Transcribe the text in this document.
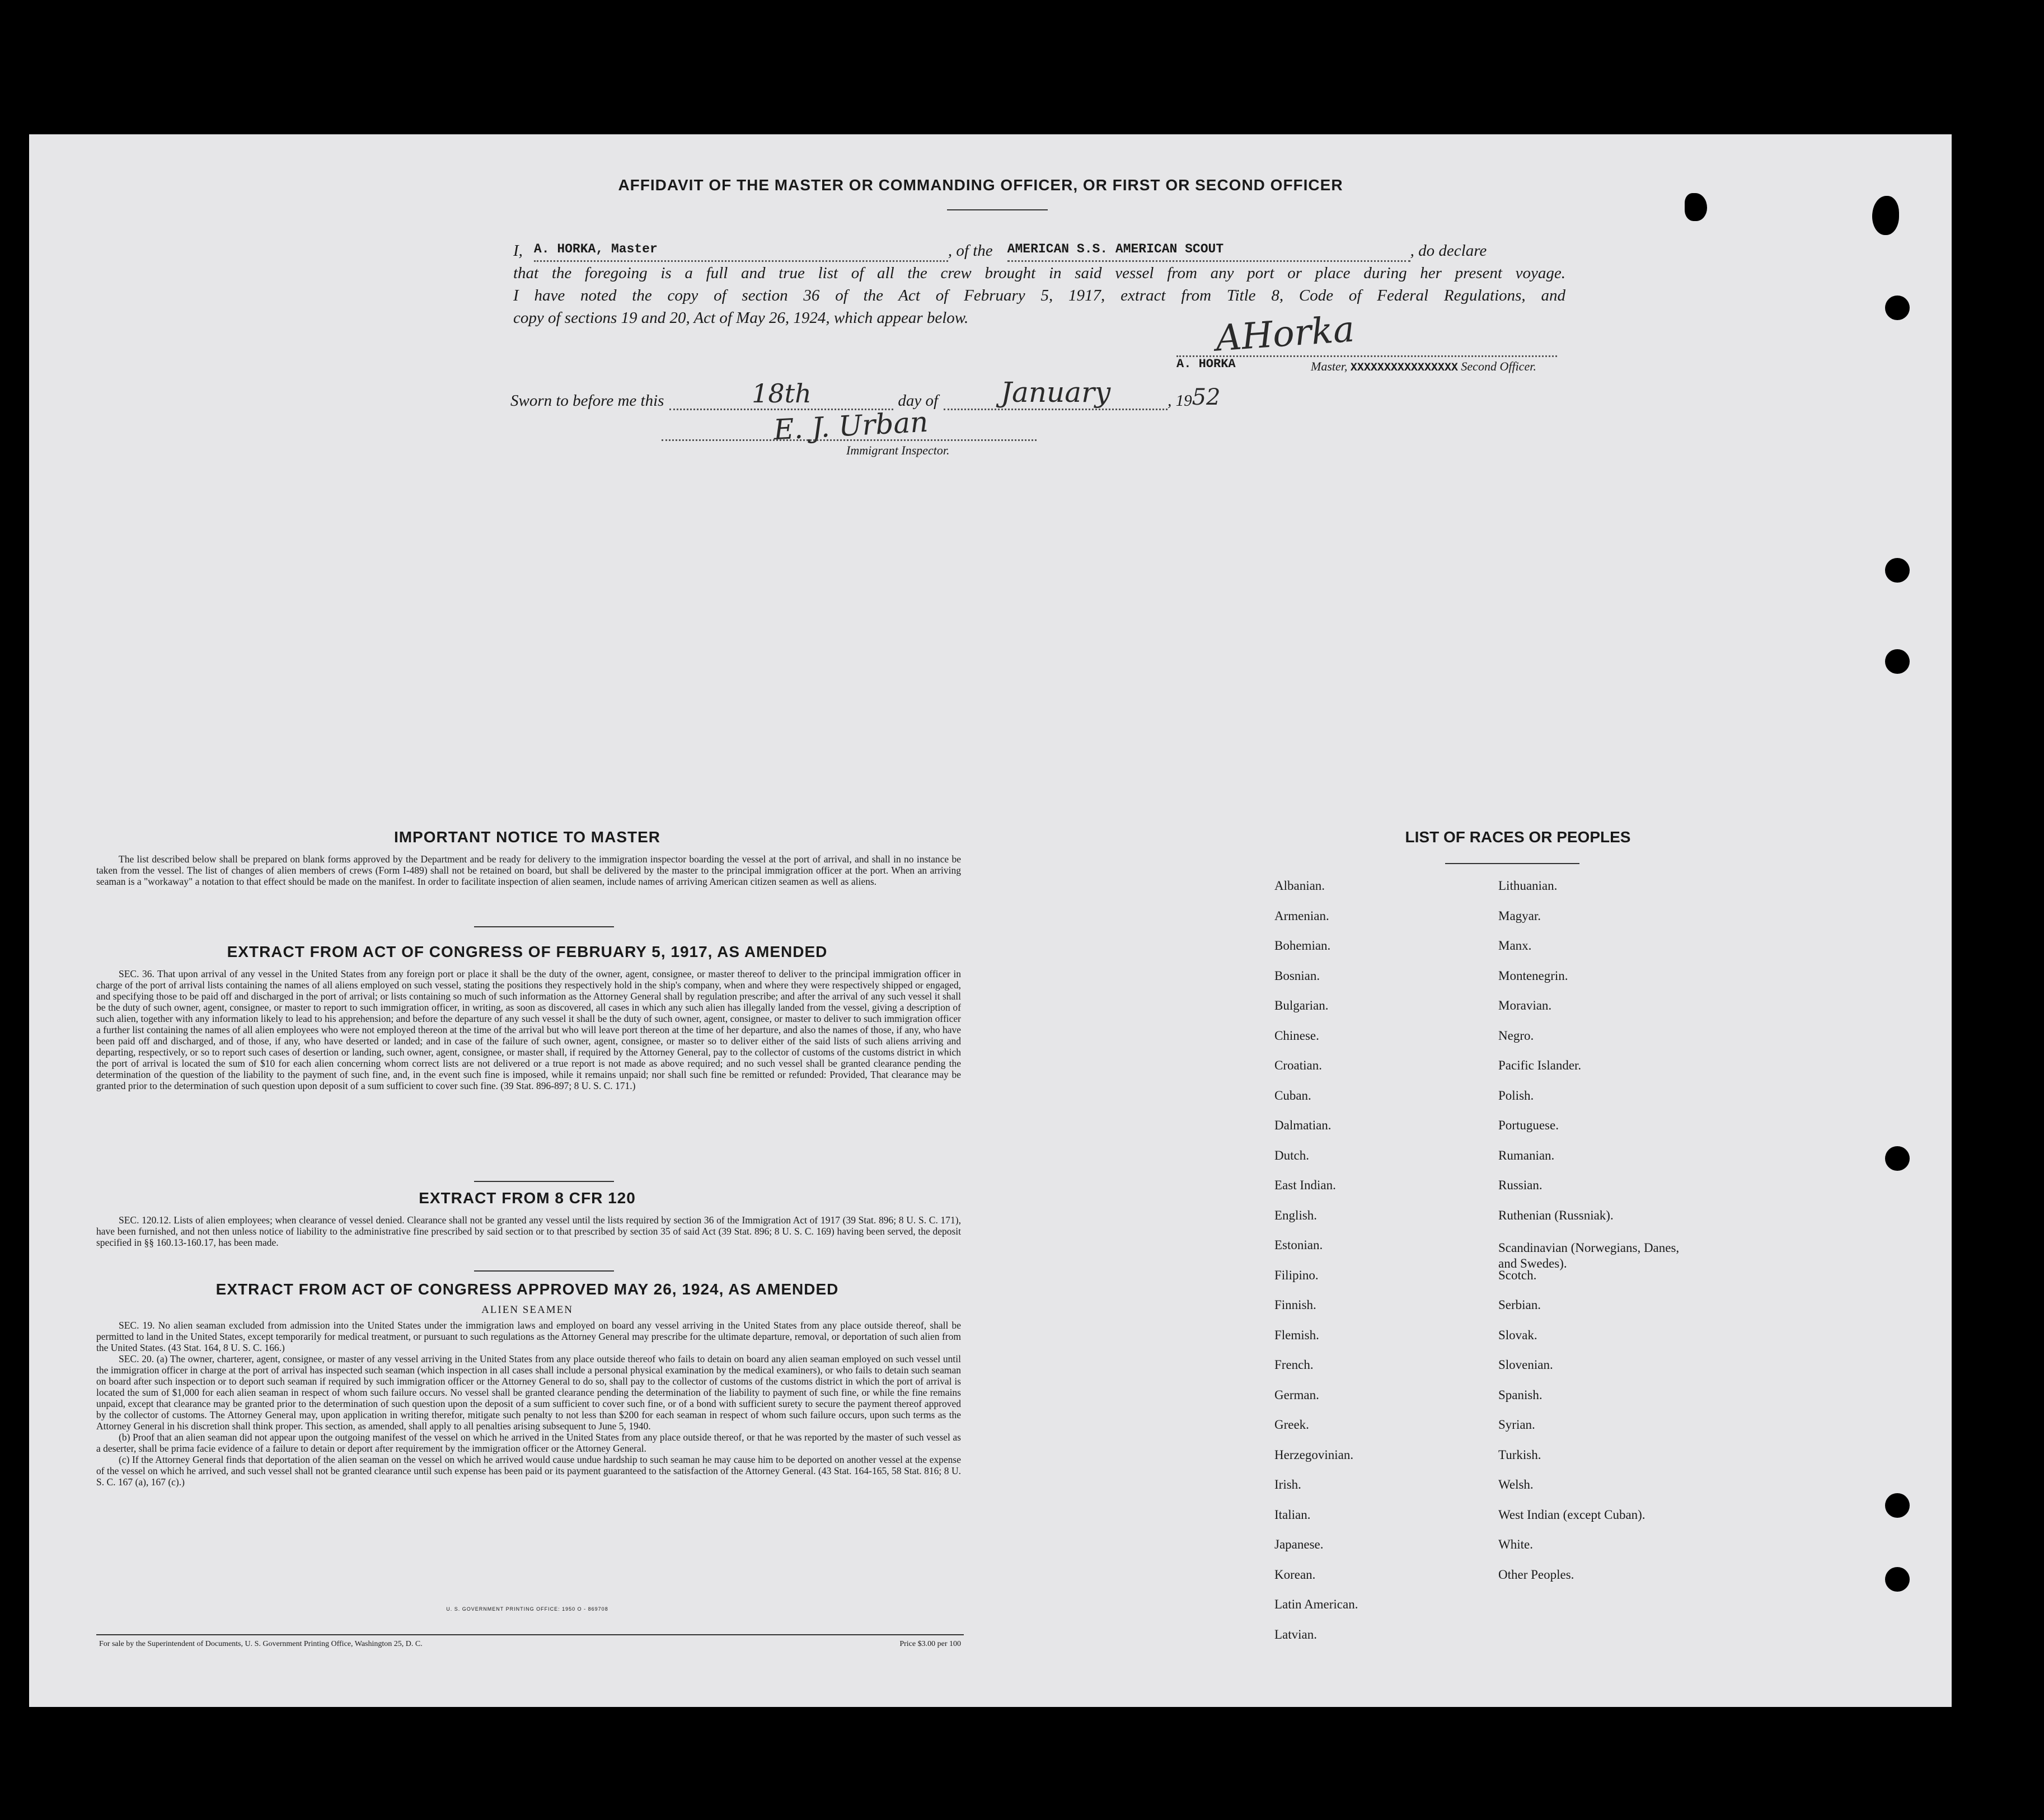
AFFIDAVIT OF THE MASTER OR COMMANDING OFFICER, OR FIRST OR SECOND OFFICER
I, A. HORKA, Master	, of the AMERICAN S.S. AMERICAN SCOUT	, do declare
that the foregoing is a full and true list of all the crew brought in said vessel from any port or place during her present voyage.
I have noted the copy of section 36 of the Act of February 5, 1917, extract from Title 8, Code of Federal Regulations, and
copy of sections 19 and 20, Act of May 26, 1924, which appear below.	AHorka
A. HORKA	Master, XXXXXXXXXXXXXXXX Second Officer.
Sworn to before me this	18th	day of	January	, 19 52
E. J. Urban
Immigrant Inspector.
IMPORTANT NOTICE TO MASTER

The list described below shall be prepared on blank forms approved by the Department and be ready for delivery to the immigration inspector boarding the vessel at the port of arrival, and shall in no instance be taken from the vessel. The list of changes of alien members of crews (Form I-489) shall not be retained on board, but shall be delivered by the master to the principal immigration officer at the port. When an arriving seaman is a "workaway" a notation to that effect should be made on the manifest. In order to facilitate inspection of alien seamen, include names of arriving American citizen seamen as well as aliens.

EXTRACT FROM ACT OF CONGRESS OF FEBRUARY 5, 1917, AS AMENDED

SEC. 36. That upon arrival of any vessel in the United States from any foreign port or place it shall be the duty of the owner, agent, consignee, or master thereof to deliver to the principal immigration officer in charge of the port of arrival lists containing the names of all aliens employed on such vessel, stating the positions they respectively hold in the ship's company, when and where they were respectively shipped or engaged, and specifying those to be paid off and discharged in the port of arrival; or lists containing so much of such information as the Attorney General shall by regulation prescribe; and after the arrival of any such vessel it shall be the duty of such owner, agent, consignee, or master to report to such immigration officer, in writing, as soon as discovered, all cases in which any such alien has illegally landed from the vessel, giving a description of such alien, together with any information likely to lead to his apprehension; and before the departure of any such vessel it shall be the duty of such owner, agent, consignee, or master to deliver to such immigration officer a further list containing the names of all alien employees who were not employed thereon at the time of the arrival but who will leave port thereon at the time of her departure, and also the names of those, if any, who have been paid off and discharged, and of those, if any, who have deserted or landed; and in case of the failure of such owner, agent, consignee, or master so to deliver either of the said lists of such aliens arriving and departing, respectively, or so to report such cases of desertion or landing, such owner, agent, consignee, or master shall, if required by the Attorney General, pay to the collector of customs of the customs district in which the port of arrival is located the sum of $10 for each alien concerning whom correct lists are not delivered or a true report is not made as above required; and no such vessel shall be granted clearance pending the determination of the question of the liability to the payment of such fine, and, in the event such fine is imposed, while it remains unpaid; nor shall such fine be remitted or refunded: Provided, That clearance may be granted prior to the determination of such question upon deposit of a sum sufficient to cover such fine. (39 Stat. 896-897; 8 U. S. C. 171.)

EXTRACT FROM 8 CFR 120

SEC. 120.12. Lists of alien employees; when clearance of vessel denied. Clearance shall not be granted any vessel until the lists required by section 36 of the Immigration Act of 1917 (39 Stat. 896; 8 U. S. C. 171), have been furnished, and not then unless notice of liability to the administrative fine prescribed by said section or to that prescribed by section 35 of said Act (39 Stat. 896; 8 U. S. C. 169) having been served, the deposit specified in §§ 160.13-160.17, has been made.

EXTRACT FROM ACT OF CONGRESS APPROVED MAY 26, 1924, AS AMENDED
ALIEN SEAMEN

SEC. 19. No alien seaman excluded from admission into the United States under the immigration laws and employed on board any vessel arriving in the United States from any place outside thereof, shall be permitted to land in the United States, except temporarily for medical treatment, or pursuant to such regulations as the Attorney General may prescribe for the ultimate departure, removal, or deportation of such alien from the United States. (43 Stat. 164, 8 U. S. C. 166.)

SEC. 20. (a) The owner, charterer, agent, consignee, or master of any vessel arriving in the United States from any place outside thereof who fails to detain on board any alien seaman employed on such vessel until the immigration officer in charge at the port of arrival has inspected such seaman (which inspection in all cases shall include a personal physical examination by the medical examiners), or who fails to detain such seaman on board after such inspection or to deport such seaman if required by such immigration officer or the Attorney General to do so, shall pay to the collector of customs of the customs district in which the port of arrival is located the sum of $1,000 for each alien seaman in respect of whom such failure occurs. No vessel shall be granted clearance pending the determination of the liability to payment of such fine, or while the fine remains unpaid, except that clearance may be granted prior to the determination of such question upon the deposit of a sum sufficient to cover such fine, or of a bond with sufficient surety to secure the payment thereof approved by the collector of customs. The Attorney General may, upon application in writing therefor, mitigate such penalty to not less than $200 for each seaman in respect of whom such failure occurs, upon such terms as the Attorney General in his discretion shall think proper. This section, as amended, shall apply to all penalties arising subsequent to June 5, 1940.

(b) Proof that an alien seaman did not appear upon the outgoing manifest of the vessel on which he arrived in the United States from any place outside thereof, or that he was reported by the master of such vessel as a deserter, shall be prima facie evidence of a failure to detain or deport after requirement by the immigration officer or the Attorney General.

(c) If the Attorney General finds that deportation of the alien seaman on the vessel on which he arrived would cause undue hardship to such seaman he may cause him to be deported on another vessel at the expense of the vessel on which he arrived, and such vessel shall not be granted clearance until such expense has been paid or its payment guaranteed to the satisfaction of the Attorney General. (43 Stat. 164-165, 58 Stat. 816; 8 U. S. C. 167 (a), 167 (c).)

U. S. GOVERNMENT PRINTING OFFICE: 1950 O - 869708
For sale by the Superintendent of Documents, U. S. Government Printing Office, Washington 25, D. C.	Price $3.00 per 100
LIST OF RACES OR PEOPLES
Albanian.
Armenian.
Bohemian.
Bosnian.
Bulgarian.
Chinese.
Croatian.
Cuban.
Dalmatian.
Dutch.
East Indian.
English.
Estonian.
Filipino.
Finnish.
Flemish.
French.
German.
Greek.
Herzegovinian.
Irish.
Italian.
Japanese.
Korean.
Latin American.
Latvian.
Lithuanian.
Magyar.
Manx.
Montenegrin.
Moravian.
Negro.
Pacific Islander.
Polish.
Portuguese.
Rumanian.
Russian.
Ruthenian (Russniak).
Scandinavian (Norwegians, Danes, and Swedes).
Scotch.
Serbian.
Slovak.
Slovenian.
Spanish.
Syrian.
Turkish.
Welsh.
West Indian (except Cuban).
White.
Other Peoples.
